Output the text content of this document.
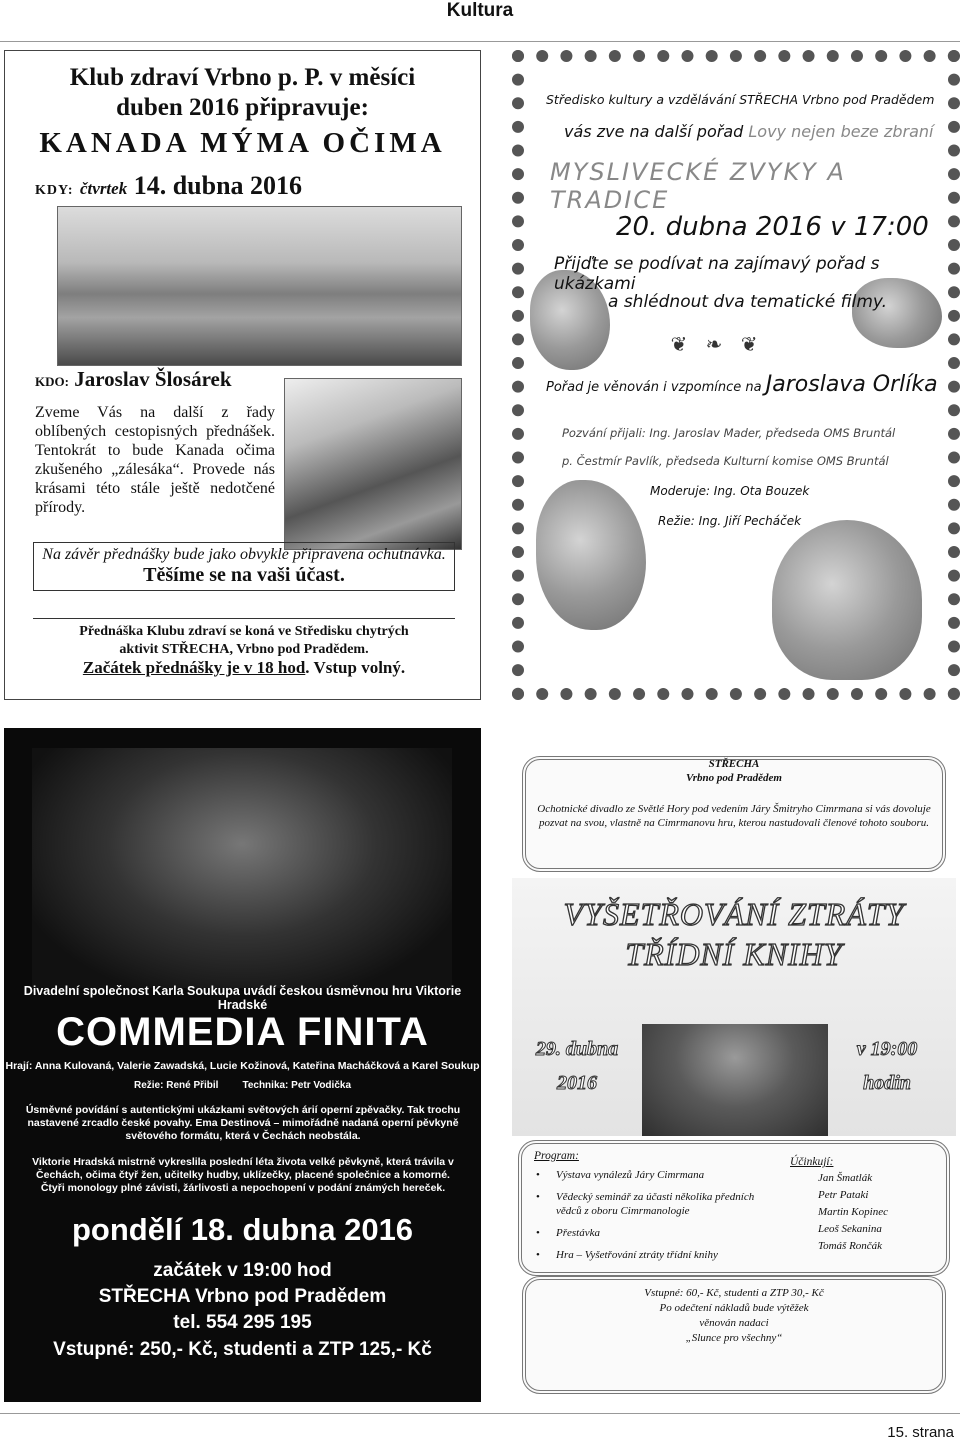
Kultura
Klub zdraví Vrbno p. P. v měsíci
duben 2016 připravuje:
KANADA MÝMA OČIMA
KDY: čtvrtek 14. dubna 2016
KDO: Jaroslav Šlosárek
Zveme Vás na další z řady oblíbených cestopisných přednášek. Tentokrát to bude Kanada očima zkušeného „zálesáka“. Provede nás krásami této stále ještě nedotčené přírody.
Na závěr přednášky bude jako obvykle připravena ochutnávka.
Těšíme se na vaši účast.
Přednáška Klubu zdraví se koná ve Středisku chytrých
aktivit STŘECHA, Vrbno pod Pradědem.
Začátek přednášky je v 18 hod. Vstup volný.
Středisko kultury a vzdělávání STŘECHA Vrbno pod Pradědem
vás zve na další pořad Lovy nejen beze zbraní
MYSLIVECKÉ ZVYKY A TRADICE
20. dubna 2016 v 17:00
Přijďte se podívat na zajímavý pořad s ukázkami
a shlédnout dva tematické filmy.
❦ ❧ ❦
Pořad je věnován i vzpomínce na Jaroslava Orlíka
Pozvání přijali: Ing. Jaroslav Mader, předseda OMS Bruntál
p. Čestmír Pavlík, předseda Kulturní komise OMS Bruntál
Moderuje: Ing. Ota Bouzek
Režie: Ing. Jiří Pecháček
Divadelní společnost Karla Soukupa uvádí českou úsměvnou hru Viktorie Hradské
COMMEDIA FINITA
Hrají: Anna Kulovaná, Valerie Zawadská, Lucie Kožinová, Kateřina Macháčková a Karel Soukup
Režie: René Přibil Technika: Petr Vodička
Úsměvné povídání s autentickými ukázkami světových árií operní zpěvačky. Tak trochu nastavené zrcadlo české povahy. Ema Destinová – mimořádně nadaná operní pěvkyně světového formátu, která v Čechách neobstála.
Viktorie Hradská mistrně vykreslila poslední léta života velké pěvkyně, která trávila v Čechách, očima čtyř žen, učitelky hudby, uklízečky, placené společnice a komorné. Čtyři monology plné závisti, žárlivosti a nepochopení v podání známých hereček.
pondělí 18. dubna 2016
začátek v 19:00 hod
STŘECHA Vrbno pod Pradědem
tel. 554 295 195
Vstupné: 250,- Kč, studenti a ZTP 125,- Kč
STŘECHA
Vrbno pod Pradědem
Ochotnické divadlo ze Světlé Hory pod vedením Járy Šmitryho Cimrmana si vás dovoluje pozvat na svou, vlastně na Cimrmanovu hru, kterou nastudovali členové tohoto souboru.
VYŠETŘOVÁNÍ ZTRÁTY
TŘÍDNÍ KNIHY
29. dubna
2016
v 19:00
hodin
Program:
• Výstava vynálezů Járy Cimrmana
• Vědecký seminář za účasti několika předních vědců z oboru Cimrmanologie
• Přestávka
• Hra – Vyšetřování ztráty třídní knihy
Účinkují:
Jan Šmatlák
Petr Pataki
Martin Kopinec
Leoš Sekanina
Tomáš Rončák
Vstupné: 60,- Kč, studenti a ZTP 30,- Kč
Po odečtení nákladů bude výtěžek
věnován nadaci
„Slunce pro všechny“
15. strana
